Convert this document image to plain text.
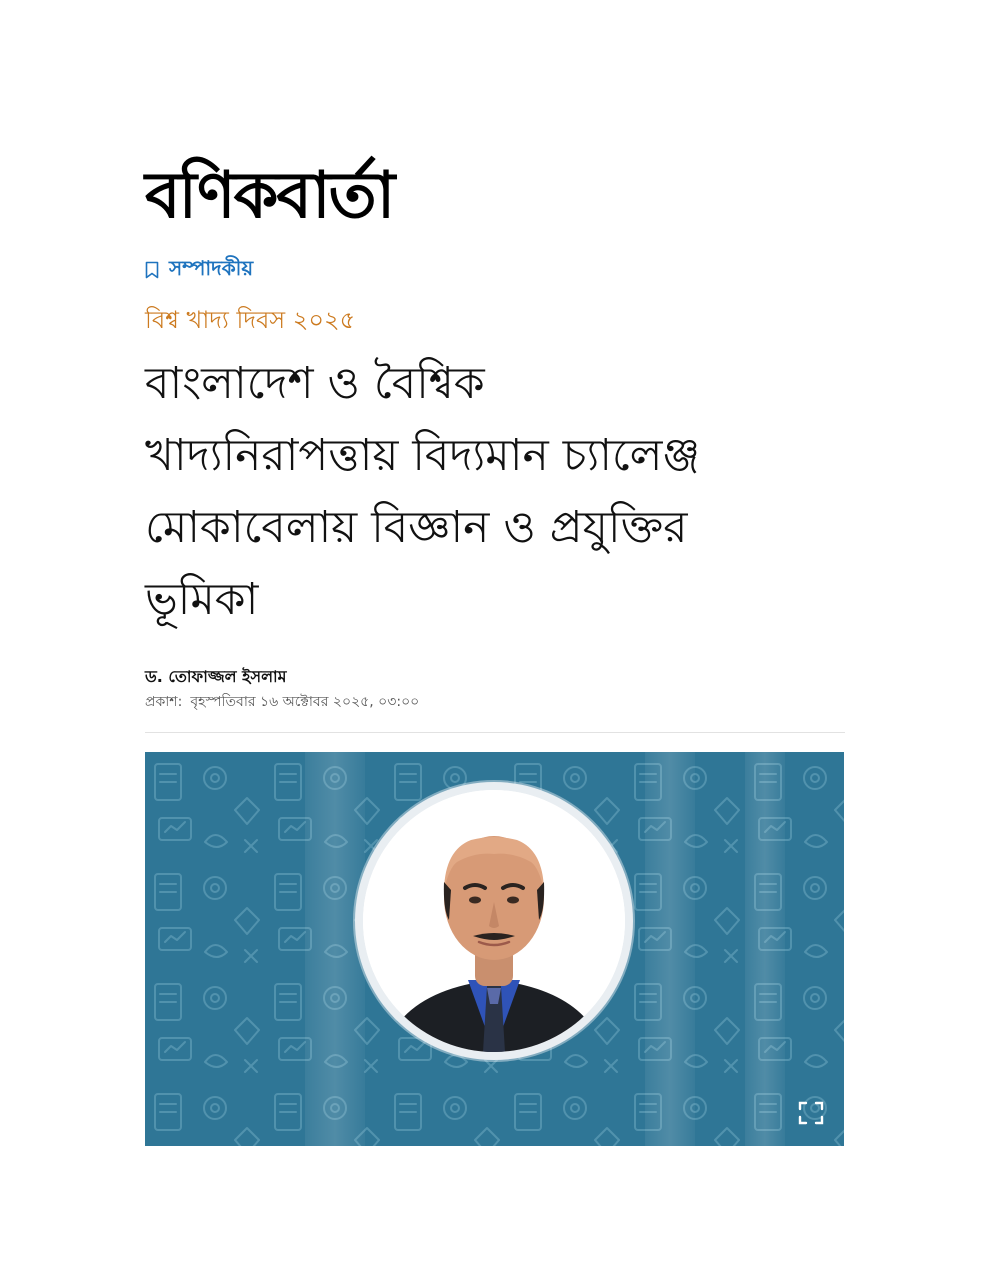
বণিকবার্তা
সম্পাদকীয়
বিশ্ব খাদ্য দিবস ২০২৫
বাংলাদেশ ও বৈশ্বিক
খাদ্যনিরাপত্তায় বিদ্যমান চ্যালেঞ্জ
মোকাবেলায় বিজ্ঞান ও প্রযুক্তির
ভূমিকা
ড. তোফাজ্জল ইসলাম
প্রকাশ: বৃহস্পতিবার ১৬ অক্টোবর ২০২৫, ০৩:০০
